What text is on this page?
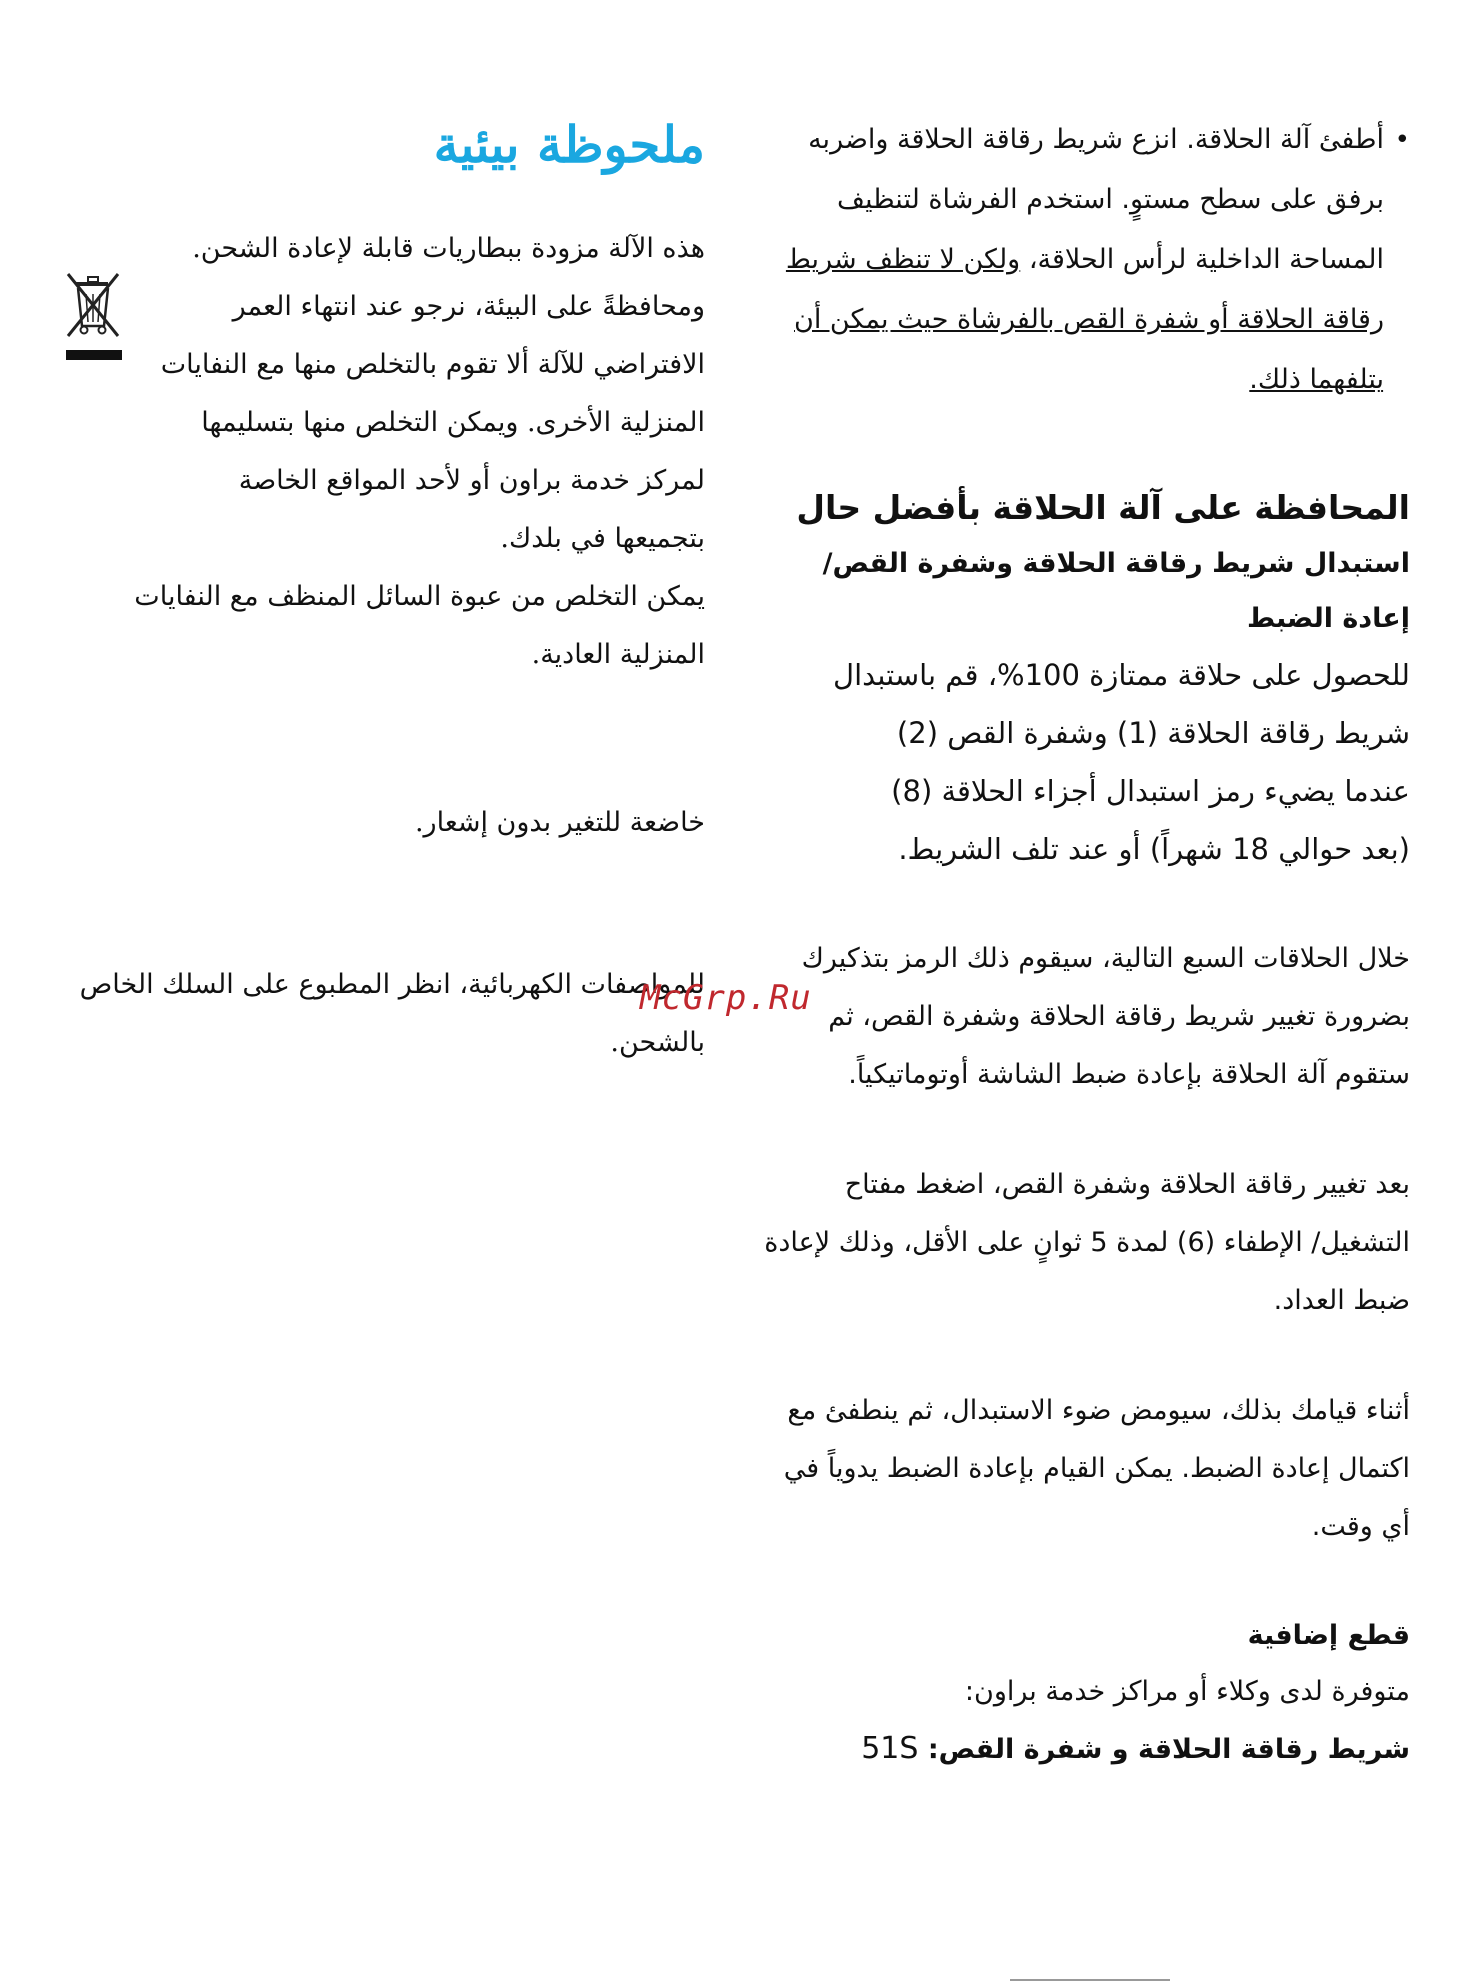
•
أطفئ آلة الحلاقة. انزع شريط رقاقة الحلاقة واضربه برفق على سطح مستوٍ. استخدم الفرشاة لتنظيف المساحة الداخلية لرأس الحلاقة، ولكن لا تنظف شريط رقاقة الحلاقة أو شفرة القص بالفرشاة حيث يمكن أن يتلفهما ذلك.
المحافظة على آلة الحلاقة بأفضل حال
استبدال شريط رقاقة الحلاقة وشفرة القص/ إعادة الضبط
للحصول على حلاقة ممتازة 100%، قم باستبدال
شريط رقاقة الحلاقة (1) وشفرة القص (2)
عندما يضيء رمز استبدال أجزاء الحلاقة (8)
(بعد حوالي 18 شهراً) أو عند تلف الشريط.
خلال الحلاقات السبع التالية، سيقوم ذلك الرمز بتذكيرك بضرورة تغيير شريط رقاقة الحلاقة وشفرة القص، ثم ستقوم آلة الحلاقة بإعادة ضبط الشاشة أوتوماتيكياً.
بعد تغيير رقاقة الحلاقة وشفرة القص، اضغط مفتاح التشغيل/ الإطفاء (6) لمدة 5 ثوانٍ على الأقل، وذلك لإعادة ضبط العداد.
أثناء قيامك بذلك، سيومض ضوء الاستبدال، ثم ينطفئ مع اكتمال إعادة الضبط. يمكن القيام بإعادة الضبط يدوياً في أي وقت.
قطع إضافية
متوفرة لدى وكلاء أو مراكز خدمة براون:
شريط رقاقة الحلاقة و شفرة القص: 51S
ملحوظة بيئية
هذه الآلة مزودة ببطاريات قابلة لإعادة الشحن. ومحافظةً على البيئة، نرجو عند انتهاء العمر الافتراضي للآلة ألا تقوم بالتخلص منها مع النفايات المنزلية الأخرى. ويمكن التخلص منها بتسليمها لمركز خدمة براون أو لأحد المواقع الخاصة بتجميعها في بلدك.
يمكن التخلص من عبوة السائل المنظف مع النفايات المنزلية العادية.
خاضعة للتغير بدون إشعار.
للمواصفات الكهربائية، انظر المطبوع على السلك الخاص بالشحن.
McGrp.Ru
